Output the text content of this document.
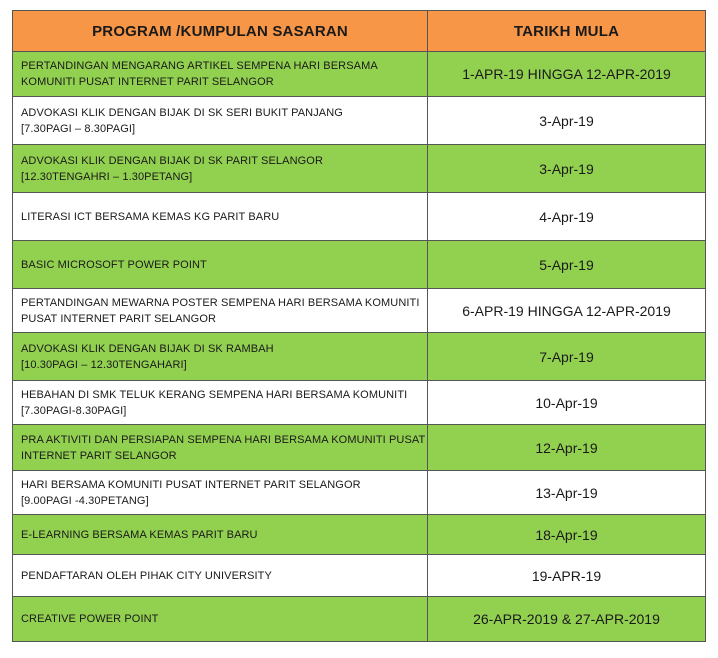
PROGRAM /KUMPULAN SASARAN	TARIKH MULA

PERTANDINGAN MENGARANG ARTIKEL SEMPENA HARI BERSAMA
KOMUNITI PUSAT INTERNET PARIT SELANGOR	1-APR-19 HINGGA 12-APR-2019

ADVOKASI KLIK DENGAN BIJAK DI SK SERI BUKIT PANJANG
[7.30PAGI – 8.30PAGI]	3-Apr-19

ADVOKASI KLIK DENGAN BIJAK DI SK PARIT SELANGOR
[12.30TENGAHRI – 1.30PETANG]	3-Apr-19

LITERASI ICT BERSAMA KEMAS KG PARIT BARU	4-Apr-19

BASIC MICROSOFT POWER POINT	5-Apr-19

PERTANDINGAN MEWARNA POSTER SEMPENA HARI BERSAMA KOMUNITI
PUSAT INTERNET PARIT SELANGOR	6-APR-19 HINGGA 12-APR-2019

ADVOKASI KLIK DENGAN BIJAK DI SK RAMBAH
[10.30PAGI – 12.30TENGAHARI]	7-Apr-19

HEBAHAN DI SMK TELUK KERANG SEMPENA HARI BERSAMA KOMUNITI
[7.30PAGI-8.30PAGI]	10-Apr-19

PRA AKTIVITI DAN PERSIAPAN SEMPENA HARI BERSAMA KOMUNITI PUSAT
INTERNET PARIT SELANGOR	12-Apr-19

HARI BERSAMA KOMUNITI PUSAT INTERNET PARIT SELANGOR
[9.00PAGI -4.30PETANG]	13-Apr-19

E-LEARNING BERSAMA KEMAS PARIT BARU	18-Apr-19

PENDAFTARAN OLEH PIHAK CITY UNIVERSITY	19-APR-19

CREATIVE POWER POINT	26-APR-2019 & 27-APR-2019
